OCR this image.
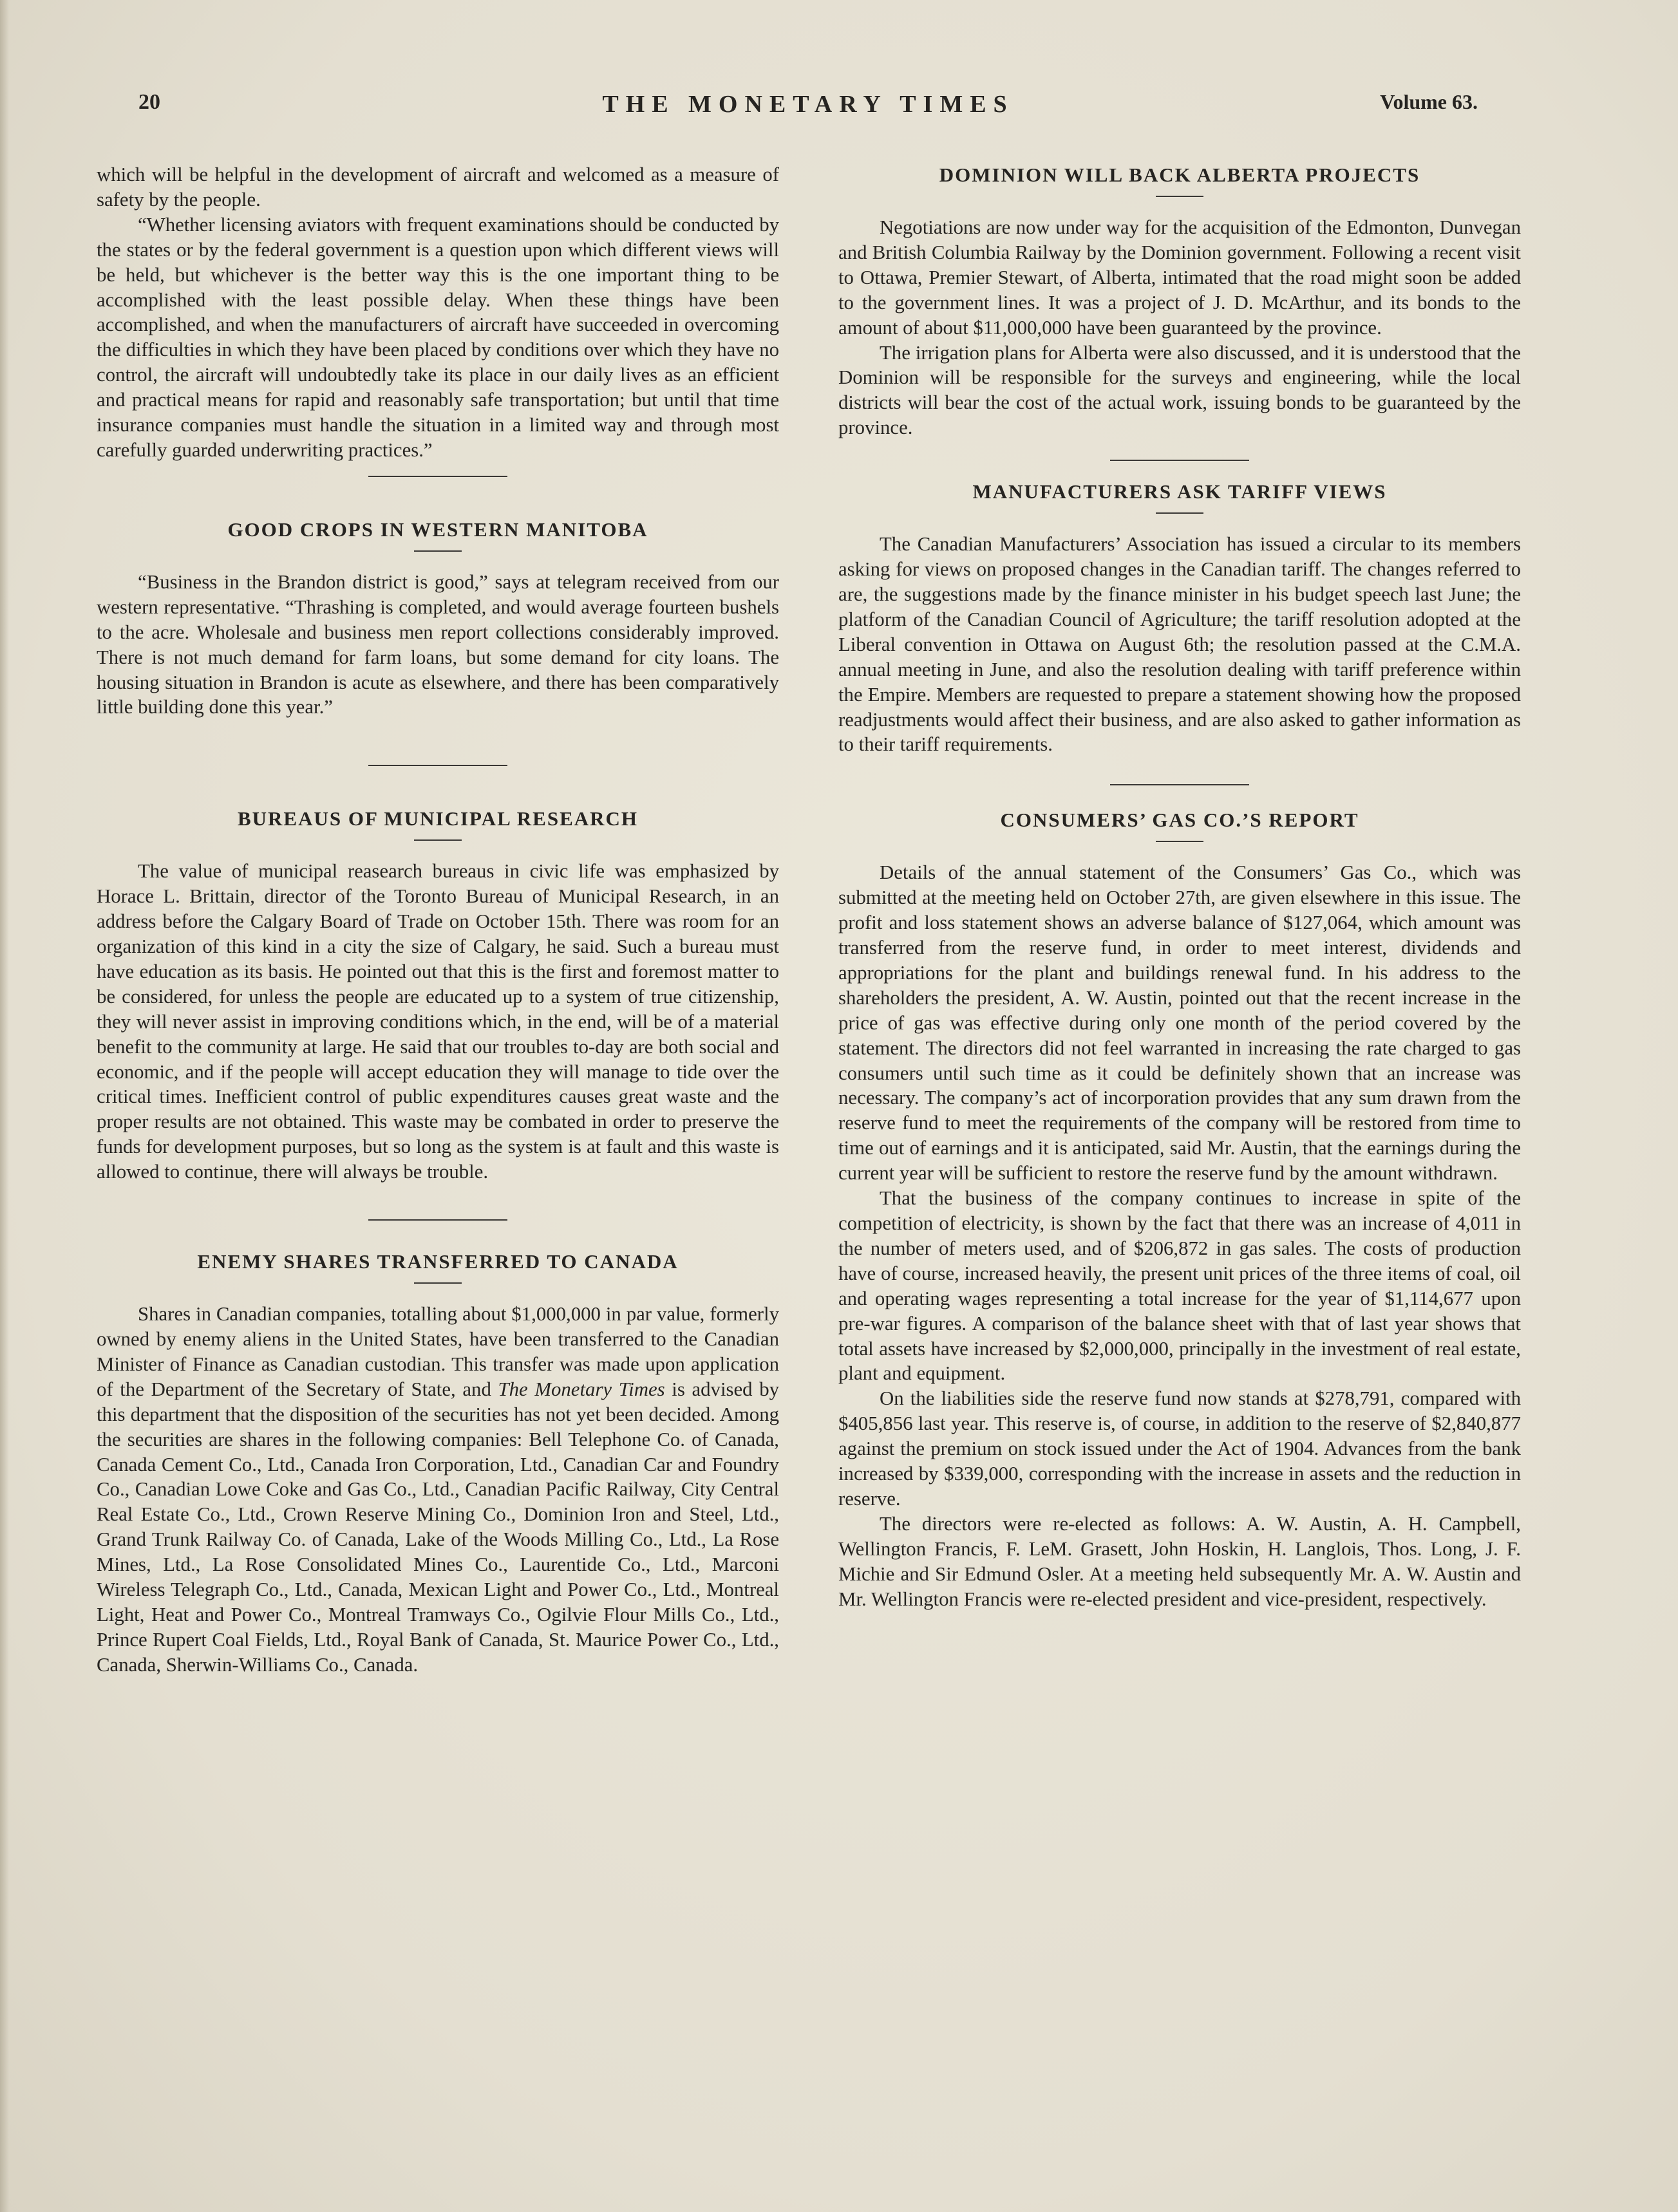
20	THE MONETARY TIMES	Volume 63.

which will be helpful in the development of aircraft and welcomed as a measure of safety by the people.

“Whether licensing aviators with frequent examinations should be conducted by the states or by the federal government is a question upon which different views will be held, but whichever is the better way this is the one important thing to be accomplished with the least possible delay. When these things have been accomplished, and when the manufacturers of aircraft have succeeded in overcoming the difficulties in which they have been placed by conditions over which they have no control, the aircraft will undoubtedly take its place in our daily lives as an efficient and practical means for rapid and reasonably safe transportation; but until that time insurance companies must handle the situation in a limited way and through most carefully guarded underwriting practices.”

GOOD CROPS IN WESTERN MANITOBA

“Business in the Brandon district is good,” says at telegram received from our western representative. “Thrashing is completed, and would average fourteen bushels to the acre. Wholesale and business men report collections considerably improved. There is not much demand for farm loans, but some demand for city loans. The housing situation in Brandon is acute as elsewhere, and there has been comparatively little building done this year.”

BUREAUS OF MUNICIPAL RESEARCH

The value of municipal reasearch bureaus in civic life was emphasized by Horace L. Brittain, director of the Toronto Bureau of Municipal Research, in an address before the Calgary Board of Trade on October 15th. There was room for an organization of this kind in a city the size of Calgary, he said. Such a bureau must have education as its basis. He pointed out that this is the first and foremost matter to be considered, for unless the people are educated up to a system of true citizenship, they will never assist in improving conditions which, in the end, will be of a material benefit to the community at large. He said that our troubles to-day are both social and economic, and if the people will accept education they will manage to tide over the critical times. Inefficient control of public expenditures causes great waste and the proper results are not obtained. This waste may be combated in order to preserve the funds for development purposes, but so long as the system is at fault and this waste is allowed to continue, there will always be trouble.

ENEMY SHARES TRANSFERRED TO CANADA

Shares in Canadian companies, totalling about $1,000,000 in par value, formerly owned by enemy aliens in the United States, have been transferred to the Canadian Minister of Finance as Canadian custodian. This transfer was made upon application of the Department of the Secretary of State, and The Monetary Times is advised by this department that the disposition of the securities has not yet been decided. Among the securities are shares in the following companies: Bell Telephone Co. of Canada, Canada Cement Co., Ltd., Canada Iron Corporation, Ltd., Canadian Car and Foundry Co., Canadian Lowe Coke and Gas Co., Ltd., Canadian Pacific Railway, City Central Real Estate Co., Ltd., Crown Reserve Mining Co., Dominion Iron and Steel, Ltd., Grand Trunk Railway Co. of Canada, Lake of the Woods Milling Co., Ltd., La Rose Mines, Ltd., La Rose Consolidated Mines Co., Laurentide Co., Ltd., Marconi Wireless Telegraph Co., Ltd., Canada, Mexican Light and Power Co., Ltd., Montreal Light, Heat and Power Co., Montreal Tramways Co., Ogilvie Flour Mills Co., Ltd., Prince Rupert Coal Fields, Ltd., Royal Bank of Canada, St. Maurice Power Co., Ltd., Canada, Sherwin-Williams Co., Canada.

DOMINION WILL BACK ALBERTA PROJECTS

Negotiations are now under way for the acquisition of the Edmonton, Dunvegan and British Columbia Railway by the Dominion government. Following a recent visit to Ottawa, Premier Stewart, of Alberta, intimated that the road might soon be added to the government lines. It was a project of J. D. McArthur, and its bonds to the amount of about $11,000,000 have been guaranteed by the province.

The irrigation plans for Alberta were also discussed, and it is understood that the Dominion will be responsible for the surveys and engineering, while the local districts will bear the cost of the actual work, issuing bonds to be guaranteed by the province.

MANUFACTURERS ASK TARIFF VIEWS

The Canadian Manufacturers’ Association has issued a circular to its members asking for views on proposed changes in the Canadian tariff. The changes referred to are, the suggestions made by the finance minister in his budget speech last June; the platform of the Canadian Council of Agriculture; the tariff resolution adopted at the Liberal convention in Ottawa on August 6th; the resolution passed at the C.M.A. annual meeting in June, and also the resolution dealing with tariff preference within the Empire. Members are requested to prepare a statement showing how the proposed readjustments would affect their business, and are also asked to gather information as to their tariff requirements.

CONSUMERS’ GAS CO.’S REPORT

Details of the annual statement of the Consumers’ Gas Co., which was submitted at the meeting held on October 27th, are given elsewhere in this issue. The profit and loss statement shows an adverse balance of $127,064, which amount was transferred from the reserve fund, in order to meet interest, dividends and appropriations for the plant and buildings renewal fund. In his address to the shareholders the president, A. W. Austin, pointed out that the recent increase in the price of gas was effective during only one month of the period covered by the statement. The directors did not feel warranted in increasing the rate charged to gas consumers until such time as it could be definitely shown that an increase was necessary. The company’s act of incorporation provides that any sum drawn from the reserve fund to meet the requirements of the company will be restored from time to time out of earnings and it is anticipated, said Mr. Austin, that the earnings during the current year will be sufficient to restore the reserve fund by the amount withdrawn.

That the business of the company continues to increase in spite of the competition of electricity, is shown by the fact that there was an increase of 4,011 in the number of meters used, and of $206,872 in gas sales. The costs of production have of course, increased heavily, the present unit prices of the three items of coal, oil and operating wages representing a total increase for the year of $1,114,677 upon pre-war figures. A comparison of the balance sheet with that of last year shows that total assets have increased by $2,000,000, principally in the investment of real estate, plant and equipment.

On the liabilities side the reserve fund now stands at $278,791, compared with $405,856 last year. This reserve is, of course, in addition to the reserve of $2,840,877 against the premium on stock issued under the Act of 1904. Advances from the bank increased by $339,000, corresponding with the increase in assets and the reduction in reserve.

The directors were re-elected as follows: A. W. Austin, A. H. Campbell, Wellington Francis, F. LeM. Grasett, John Hoskin, H. Langlois, Thos. Long, J. F. Michie and Sir Edmund Osler. At a meeting held subsequently Mr. A. W. Austin and Mr. Wellington Francis were re-elected president and vice-president, respectively.
